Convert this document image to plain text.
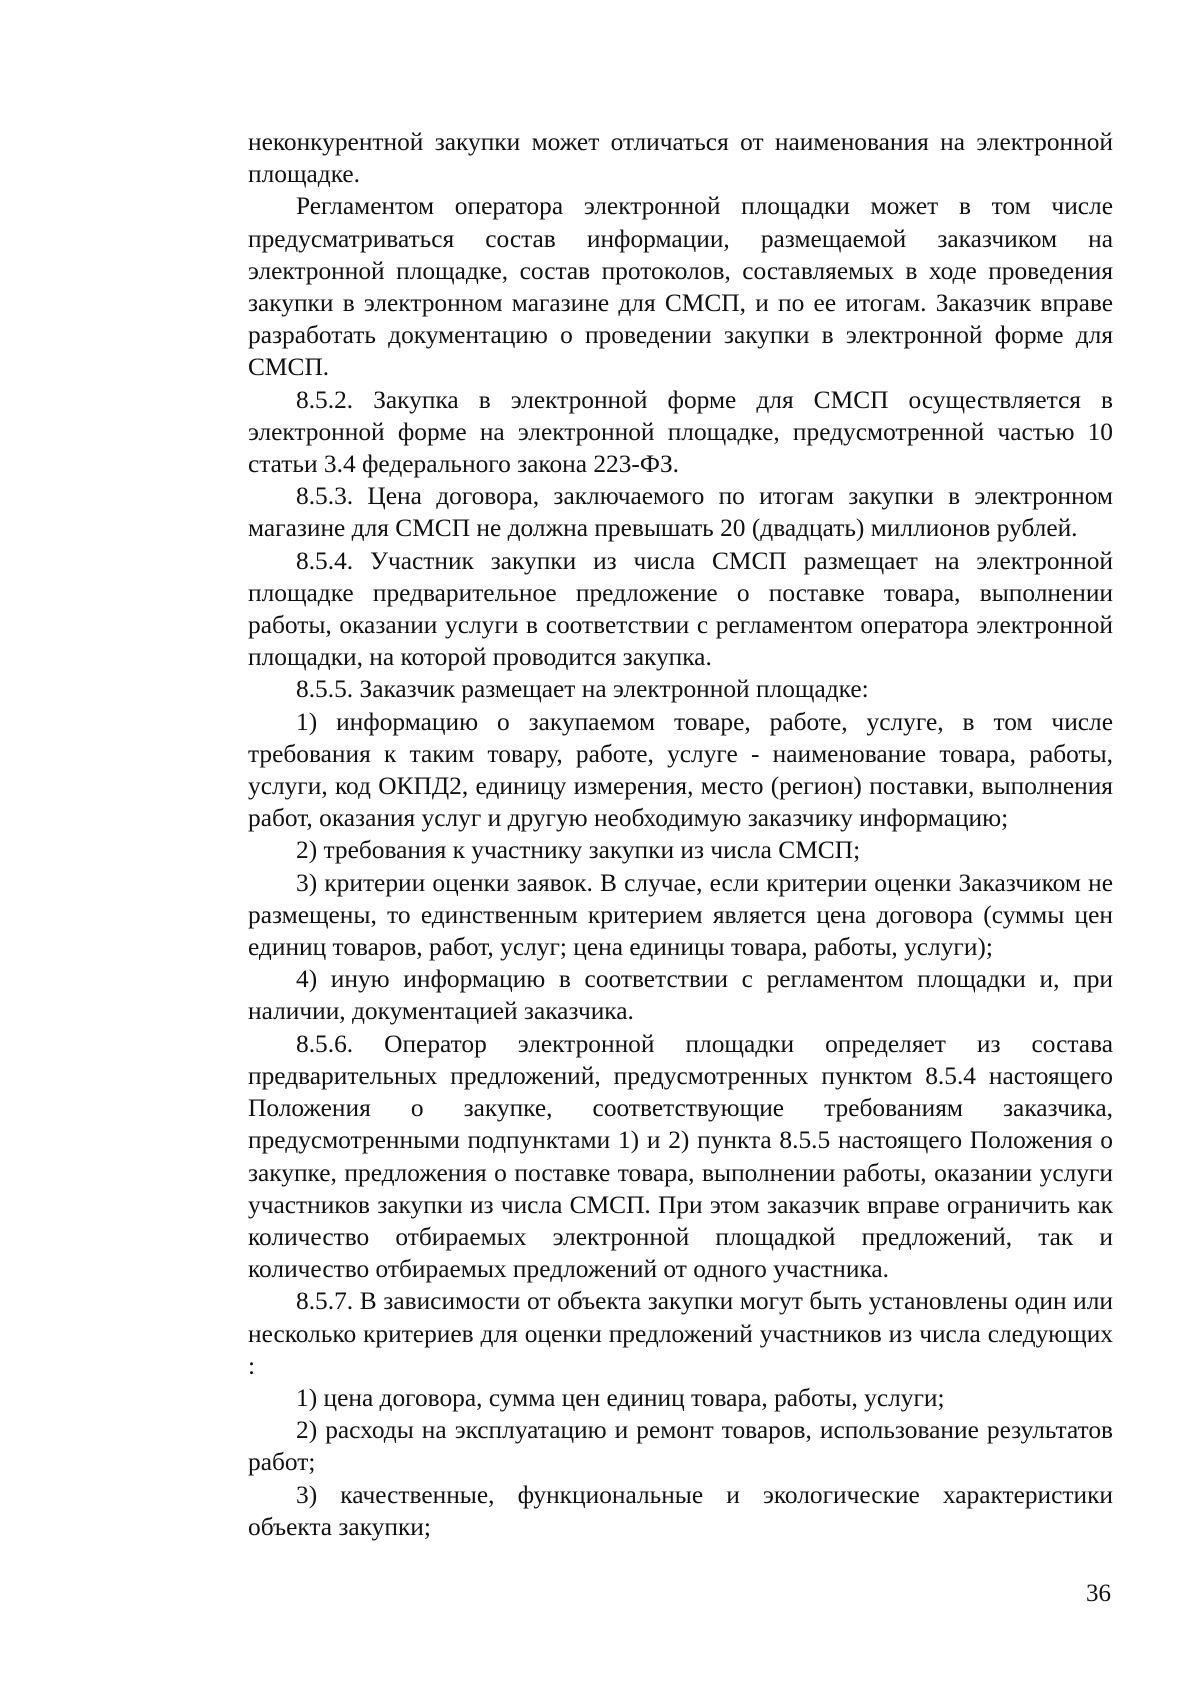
неконкурентной закупки может отличаться от наименования на электронной площадке.

Регламентом оператора электронной площадки может в том числе предусматриваться состав информации, размещаемой заказчиком на электронной площадке, состав протоколов, составляемых в ходе проведения закупки в электронном магазине для СМСП, и по ее итогам. Заказчик вправе разработать документацию о проведении закупки в электронной форме для СМСП.

8.5.2. Закупка в электронной форме для СМСП осуществляется в электронной форме на электронной площадке, предусмотренной частью 10 статьи 3.4 федерального закона 223-ФЗ.

8.5.3. Цена договора, заключаемого по итогам закупки в электронном магазине для СМСП не должна превышать 20 (двадцать) миллионов рублей.

8.5.4. Участник закупки из числа СМСП размещает на электронной площадке предварительное предложение о поставке товара, выполнении работы, оказании услуги в соответствии с регламентом оператора электронной площадки, на которой проводится закупка.

8.5.5. Заказчик размещает на электронной площадке:

1) информацию о закупаемом товаре, работе, услуге, в том числе требования к таким товару, работе, услуге - наименование товара, работы, услуги, код ОКПД2, единицу измерения, место (регион) поставки, выполнения работ, оказания услуг и другую необходимую заказчику информацию;

2) требования к участнику закупки из числа СМСП;

3) критерии оценки заявок. В случае, если критерии оценки Заказчиком не размещены, то единственным критерием является цена договора (суммы цен единиц товаров, работ, услуг; цена единицы товара, работы, услуги);

4) иную информацию в соответствии с регламентом площадки и, при наличии, документацией заказчика.

8.5.6. Оператор электронной площадки определяет из состава предварительных предложений, предусмотренных пунктом 8.5.4 настоящего Положения о закупке, соответствующие требованиям заказчика, предусмотренными подпунктами 1) и 2) пункта 8.5.5 настоящего Положения о закупке, предложения о поставке товара, выполнении работы, оказании услуги участников закупки из числа СМСП. При этом заказчик вправе ограничить как количество отбираемых электронной площадкой предложений, так и количество отбираемых предложений от одного участника.

8.5.7. В зависимости от объекта закупки могут быть установлены один или несколько критериев для оценки предложений участников из числа следующих :

1) цена договора, сумма цен единиц товара, работы, услуги;

2) расходы на эксплуатацию и ремонт товаров, использование результатов работ;

3) качественные, функциональные и экологические характеристики объекта закупки;

36
